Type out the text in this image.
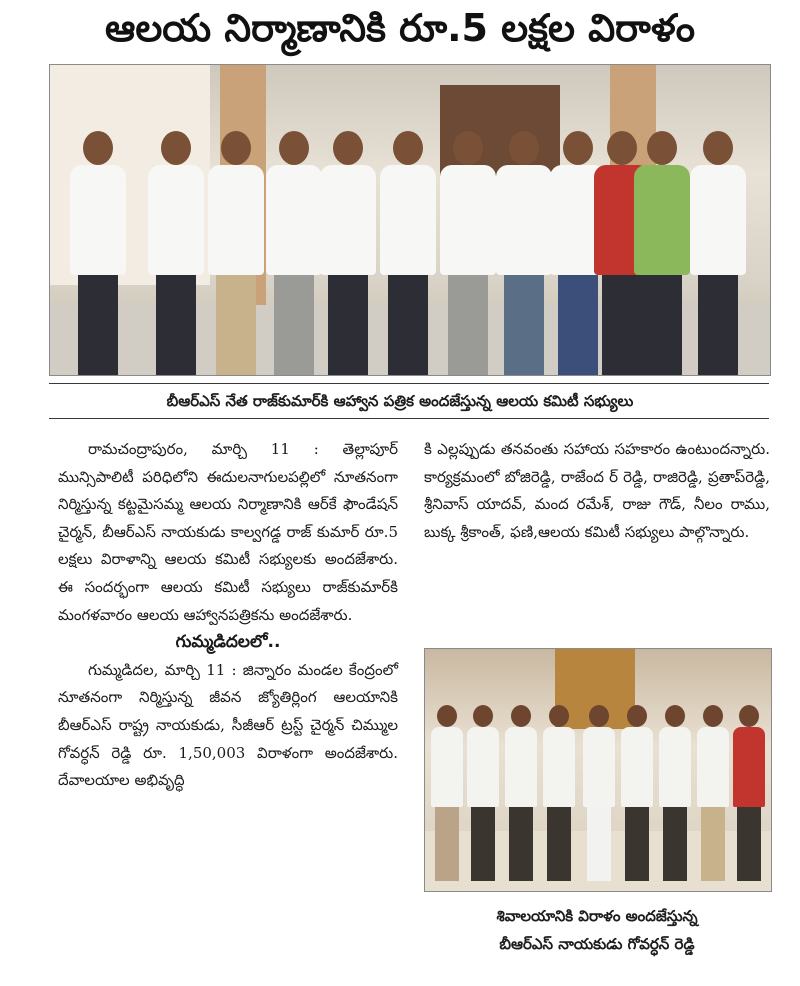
ఆలయ నిర్మాణానికి రూ.5 లక్షల విరాళం
బీఆర్ఎస్ నేత రాజ్‌కుమార్‌కి ఆహ్వాన పత్రిక అందజేస్తున్న ఆలయ కమిటీ సభ్యులు

రామచంద్రాపురం, మార్చి 11 : తెల్లాపూర్ మున్సిపాలిటీ పరిధిలోని ఈదులనాగులపల్లిలో నూతనంగా నిర్మిస్తున్న కట్టమైసమ్మ ఆలయ నిర్మాణానికి ఆర్‌కే ఫౌండేషన్ చైర్మన్, బీఆర్ఎస్ నాయకుడు కాల్వగడ్డ రాజ్ కుమార్ రూ.5 లక్షలు విరాళాన్ని ఆలయ కమిటీ సభ్యులకు అందజేశారు. ఈ సందర్భంగా ఆలయ కమిటీ సభ్యులు రాజ్‌కుమార్‌కి మంగళవారం ఆలయ ఆహ్వానపత్రికను అందజేశారు.

గుమ్మడిదలలో..

గుమ్మడిదల, మార్చి 11 : జిన్నారం మండల కేంద్రంలో నూతనంగా నిర్మిస్తున్న జీవన జ్యోతిర్లింగ ఆలయానికి బీఆర్ఎస్ రాష్ట్ర నాయకుడు, సీజీఆర్ ట్రస్ట్ చైర్మన్ చిమ్ముల గోవర్ధన్ రెడ్డి రూ. 1,50,003 విరాళంగా అందజేశారు. దేవాలయాల అభివృద్ధి

కి ఎల్లప్పుడు తనవంతు సహాయ సహకారం ఉంటుందన్నారు. కార్యక్రమంలో బోజిరెడ్డి, రాజేంద ర్ రెడ్డి, రాజిరెడ్డి, ప్రతాప్‌రెడ్డి, శ్రీనివాస్ యాదవ్, మంద రమేశ్, రాజు గౌడ్, నీలం రాము, బుక్క శ్రీకాంత్, ఫణి,ఆలయ కమిటీ సభ్యులు పాల్గొన్నారు.

శివాలయానికి విరాళం అందజేస్తున్న
బీఆర్ఎస్ నాయకుడు గోవర్ధన్ రెడ్డి
